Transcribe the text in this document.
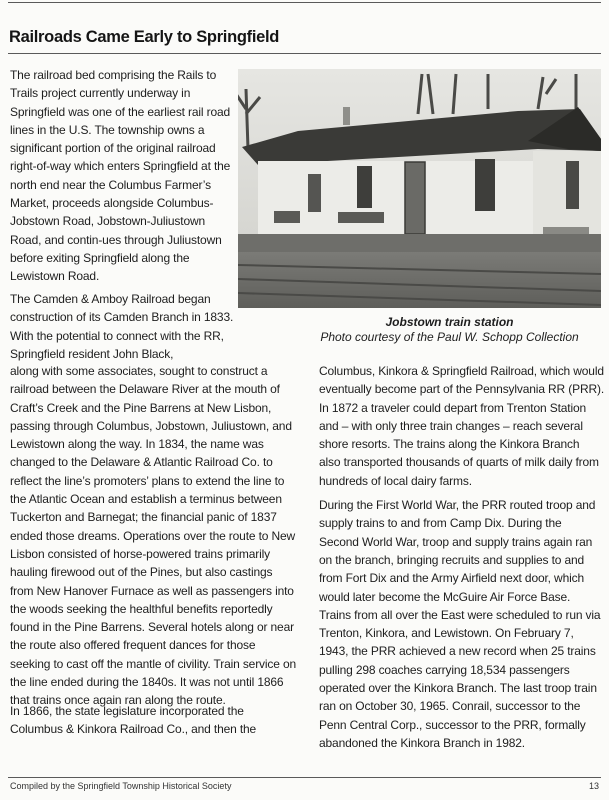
Railroads Came Early to Springfield

The railroad bed comprising the Rails to Trails project currently underway in Springfield was one of the earliest rail road lines in the U.S. The township owns a significant portion of the original railroad right-of-way which enters Springfield at the north end near the Columbus Farmer’s Market, proceeds alongside Columbus-Jobstown Road, Jobstown-Juliustown Road, and contin-ues through Juliustown before exiting Springfield along the Lewistown Road.

The Camden & Amboy Railroad began construction of its Camden Branch in 1833. With the potential to connect with the RR, Springfield resident John Black,

along with some associates, sought to construct a railroad between the Delaware River at the mouth of Craft’s Creek and the Pine Barrens at New Lisbon, passing through Columbus, Jobstown, Juliustown, and Lewistown along the way. In 1834, the name was changed to the Delaware & Atlantic Railroad Co. to reflect the line’s promoters’ plans to extend the line to the Atlantic Ocean and establish a terminus between Tuckerton and Barnegat; the financial panic of 1837 ended those dreams. Operations over the route to New Lisbon consisted of horse-powered trains primarily hauling firewood out of the Pines, but also castings from New Hanover Furnace as well as passengers into the woods seeking the healthful benefits reportedly found in the Pine Barrens. Several hotels along or near the route also offered frequent dances for those seeking to cast off the mantle of civility. Train service on the line ended during the 1840s. It was not until 1866 that trains once again ran along the route.

In 1866, the state legislature incorporated the Columbus & Kinkora Railroad Co., and then the

Jobstown train station
Photo courtesy of the Paul W. Schopp Collection

Columbus, Kinkora & Springfield Railroad, which would eventually become part of the Pennsylvania RR (PRR). In 1872 a traveler could depart from Trenton Station and – with only three train changes – reach several shore resorts. The trains along the Kinkora Branch also transported thousands of quarts of milk daily from hundreds of local dairy farms.

During the First World War, the PRR routed troop and supply trains to and from Camp Dix. During the Second World War, troop and supply trains again ran on the branch, bringing recruits and supplies to and from Fort Dix and the Army Airfield next door, which would later become the McGuire Air Force Base. Trains from all over the East were scheduled to run via Trenton, Kinkora, and Lewistown. On February 7, 1943, the PRR achieved a new record when 25 trains pulling 298 coaches carrying 18,534 passengers operated over the Kinkora Branch. The last troop train ran on October 30, 1965. Conrail, successor to the Penn Central Corp., successor to the PRR, formally abandoned the Kinkora Branch in 1982.

Compiled by the Springfield Township Historical Society	13
